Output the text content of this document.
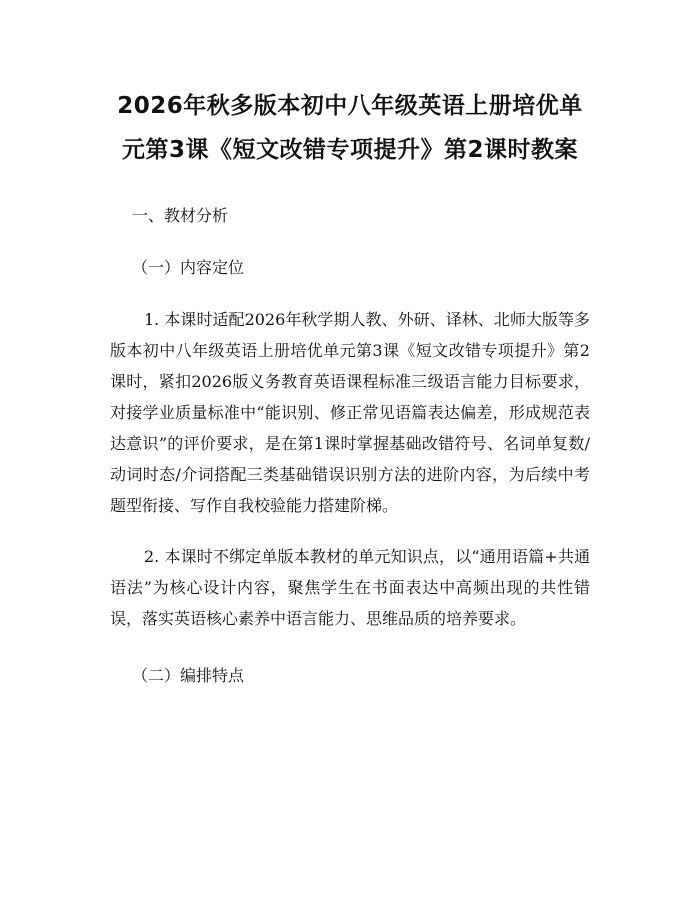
2026年秋多版本初中八年级英语上册培优单元第3课《短文改错专项提升》第2课时教案

一、教材分析

（一）内容定位

1. 本课时适配2026年秋学期人教、外研、译林、北师大版等多版本初中八年级英语上册培优单元第3课《短文改错专项提升》第2课时，紧扣2026版义务教育英语课程标准三级语言能力目标要求，对接学业质量标准中“能识别、修正常见语篇表达偏差，形成规范表达意识”的评价要求，是在第1课时掌握基础改错符号、名词单复数/动词时态/介词搭配三类基础错误识别方法的进阶内容，为后续中考题型衔接、写作自我校验能力搭建阶梯。

2. 本课时不绑定单版本教材的单元知识点，以“通用语篇+共通语法”为核心设计内容，聚焦学生在书面表达中高频出现的共性错误，落实英语核心素养中语言能力、思维品质的培养要求。

（二）编排特点
